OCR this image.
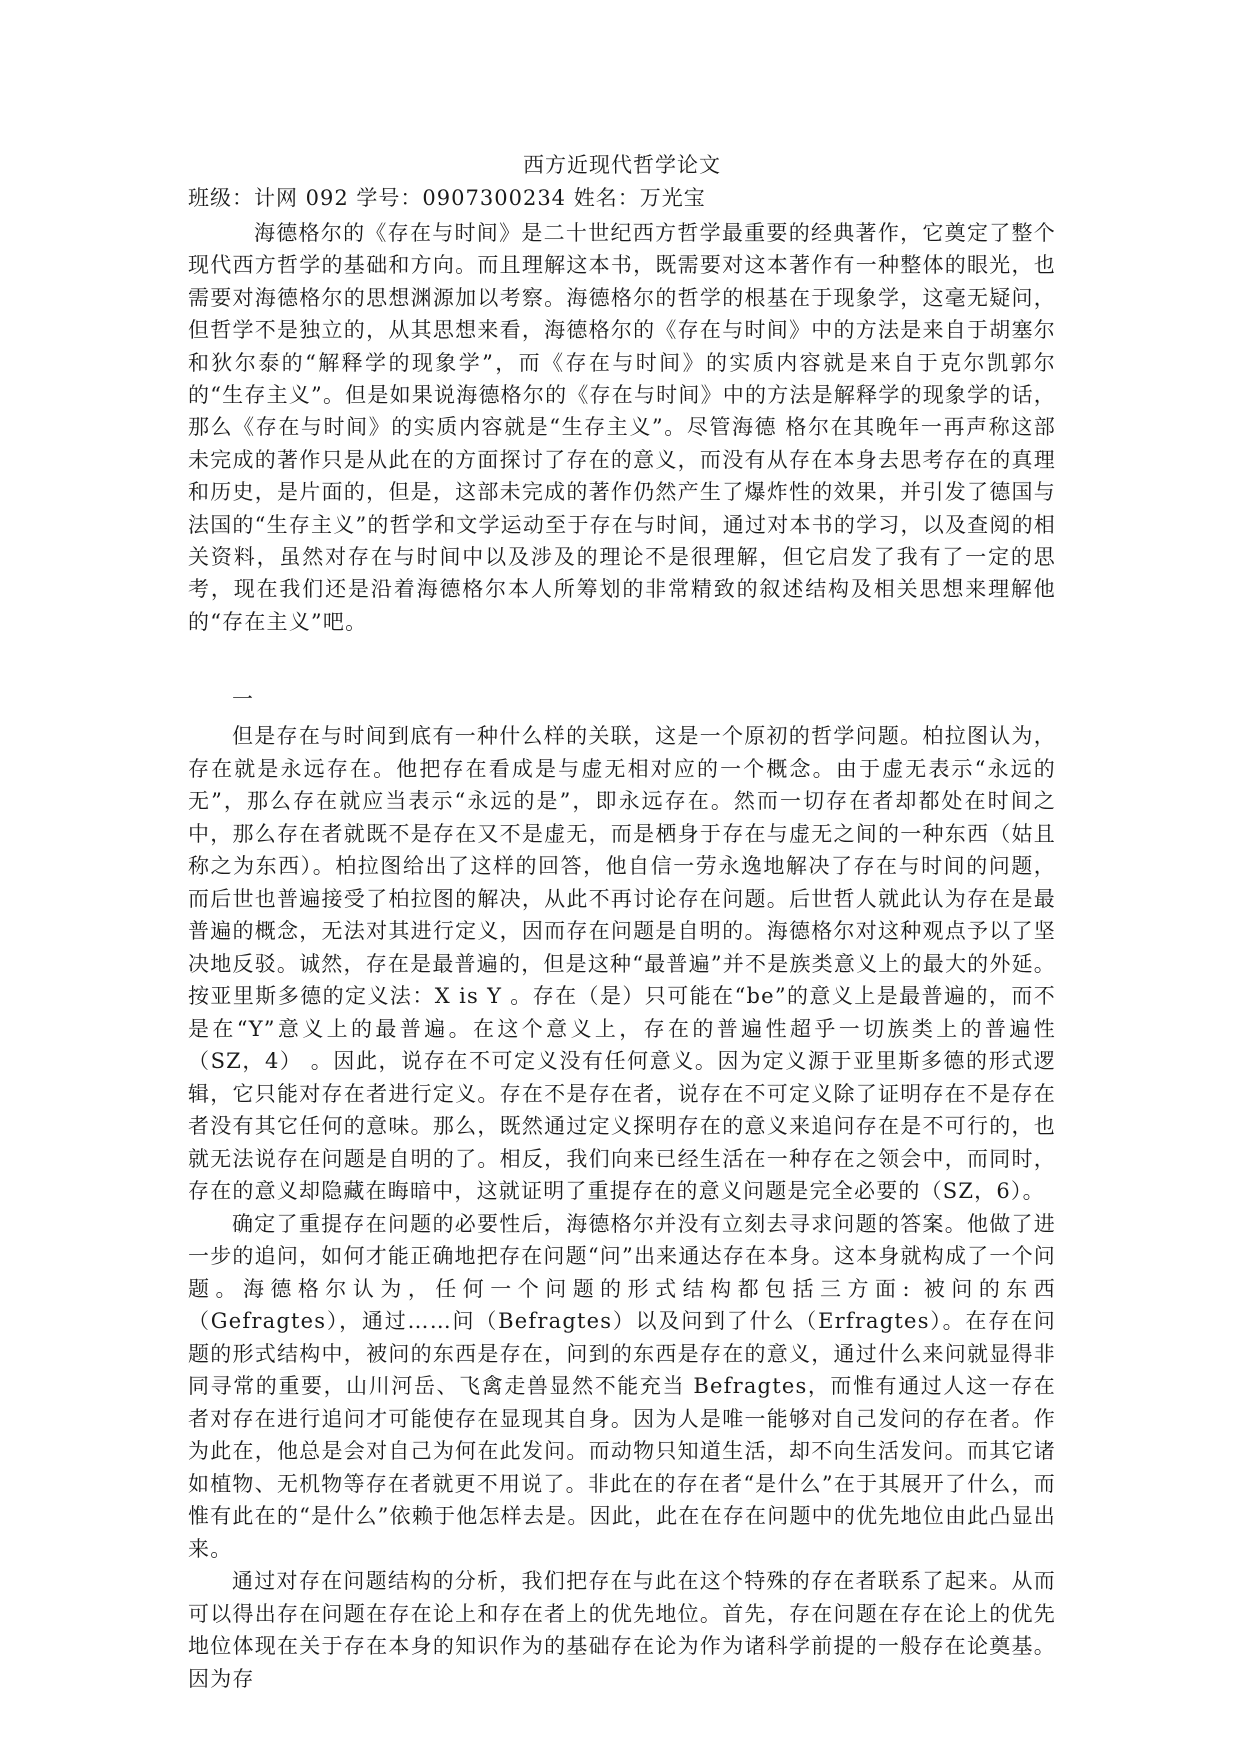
西方近现代哲学论文

班级：计网 092 学号：0907300234 姓名：万光宝

海德格尔的《存在与时间》是二十世纪西方哲学最重要的经典著作，它奠定了整个现代西方哲学的基础和方向。而且理解这本书，既需要对这本著作有一种整体的眼光，也需要对海德格尔的思想渊源加以考察。海德格尔的哲学的根基在于现象学，这毫无疑问，但哲学不是独立的，从其思想来看，海德格尔的《存在与时间》中的方法是来自于胡塞尔和狄尔泰的“解释学的现象学”，而《存在与时间》的实质内容就是来自于克尔凯郭尔的“生存主义”。但是如果说海德格尔的《存在与时间》中的方法是解释学的现象学的话，那么《存在与时间》的实质内容就是“生存主义”。尽管海德 格尔在其晚年一再声称这部未完成的著作只是从此在的方面探讨了存在的意义，而没有从存在本身去思考存在的真理和历史，是片面的，但是，这部未完成的著作仍然产生了爆炸性的效果，并引发了德国与法国的“生存主义”的哲学和文学运动至于存在与时间，通过对本书的学习，以及查阅的相关资料，虽然对存在与时间中以及涉及的理论不是很理解，但它启发了我有了一定的思考，现在我们还是沿着海德格尔本人所筹划的非常精致的叙述结构及相关思想来理解他的“存在主义”吧。

一

但是存在与时间到底有一种什么样的关联，这是一个原初的哲学问题。柏拉图认为，存在就是永远存在。他把存在看成是与虚无相对应的一个概念。由于虚无表示“永远的无”，那么存在就应当表示“永远的是”，即永远存在。然而一切存在者却都处在时间之中，那么存在者就既不是存在又不是虚无，而是栖身于存在与虚无之间的一种东西（姑且称之为东西）。柏拉图给出了这样的回答，他自信一劳永逸地解决了存在与时间的问题，而后世也普遍接受了柏拉图的解决，从此不再讨论存在问题。后世哲人就此认为存在是最普遍的概念，无法对其进行定义，因而存在问题是自明的。海德格尔对这种观点予以了坚决地反驳。诚然，存在是最普遍的，但是这种“最普遍”并不是族类意义上的最大的外延。按亚里斯多德的定义法：X is Y 。存在（是）只可能在“be”的意义上是最普遍的，而不是在“Y”意义上的最普遍。在这个意义上，存在的普遍性超乎一切族类上的普遍性（SZ，4） 。因此，说存在不可定义没有任何意义。因为定义源于亚里斯多德的形式逻辑，它只能对存在者进行定义。存在不是存在者，说存在不可定义除了证明存在不是存在者没有其它任何的意味。那么，既然通过定义探明存在的意义来追问存在是不可行的，也就无法说存在问题是自明的了。相反，我们向来已经生活在一种存在之领会中，而同时，存在的意义却隐藏在晦暗中，这就证明了重提存在的意义问题是完全必要的（SZ，6）。

确定了重提存在问题的必要性后，海德格尔并没有立刻去寻求问题的答案。他做了进一步的追问，如何才能正确地把存在问题“问”出来通达存在本身。这本身就构成了一个问题。海德格尔认为，任何一个问题的形式结构都包括三方面: 被问的东西（Gefragtes），通过……问（Befragtes）以及问到了什么（Erfragtes）。在存在问题的形式结构中，被问的东西是存在，问到的东西是存在的意义，通过什么来问就显得非同寻常的重要，山川河岳、飞禽走兽显然不能充当 Befragtes，而惟有通过人这一存在者对存在进行追问才可能使存在显现其自身。因为人是唯一能够对自己发问的存在者。作为此在，他总是会对自己为何在此发问。而动物只知道生活，却不向生活发问。而其它诸如植物、无机物等存在者就更不用说了。非此在的存在者“是什么”在于其展开了什么，而惟有此在的“是什么”依赖于他怎样去是。因此，此在在存在问题中的优先地位由此凸显出来。

通过对存在问题结构的分析，我们把存在与此在这个特殊的存在者联系了起来。从而可以得出存在问题在存在论上和存在者上的优先地位。首先，存在问题在存在论上的优先地位体现在关于存在本身的知识作为的基础存在论为作为诸科学前提的一般存在论奠基。因为存
